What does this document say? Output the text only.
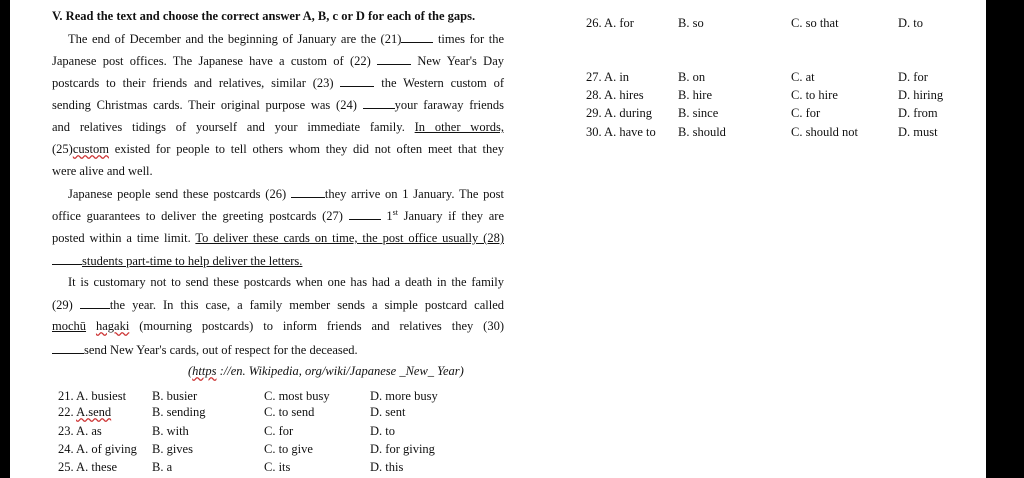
V. Read the text and choose the correct answer A, B, c or D for each of the gaps.
The end of December and the beginning of January are the (21)	times for the
Japanese post offices. The Japanese have a custom of (22)	New Year's Day
postcards to their friends and relatives, similar (23)	the Western custom of
sending Christmas cards. Their original purpose was (24)	your faraway friends
and relatives tidings of yourself and your immediate family. In other words,
(25)custom existed for people to tell others whom they did not often meet that they
were alive and well.
Japanese people send these postcards (26)	they arrive on 1 January. The post
office guarantees to deliver the greeting postcards (27)	1st January if they are
posted within a time limit. To deliver these cards on time, the post office usually (28)
students part-time to help deliver the letters.
It is customary not to send these postcards when one has had a death in the family
(29)	the year. In this case, a family member sends a simple postcard called
mochū hagaki (mourning postcards) to inform friends and relatives they (30)
send New Year's cards, out of respect for the deceased.
(https ://en. Wikipedia, org/wiki/Japanese _New_ Year)
21. A. busiest B. busier	C. most busy	D. more busy
22. A.send	B. sending	C. to send	D. sent
23. A. as	B. with	C. for	D. to
24. A. of giving B. gives	C. to give	D. for giving
25. A. these	B. a	C. its	D. this
26. A. for	B. so	C. so that	D. to
27. A. in	B. on	C. at	D. for
28. A. hires	B. hire	C. to hire	D. hiring
29. A. during B. since	C. for	D. from
30. A. have to B. should	C. should not	D. must
